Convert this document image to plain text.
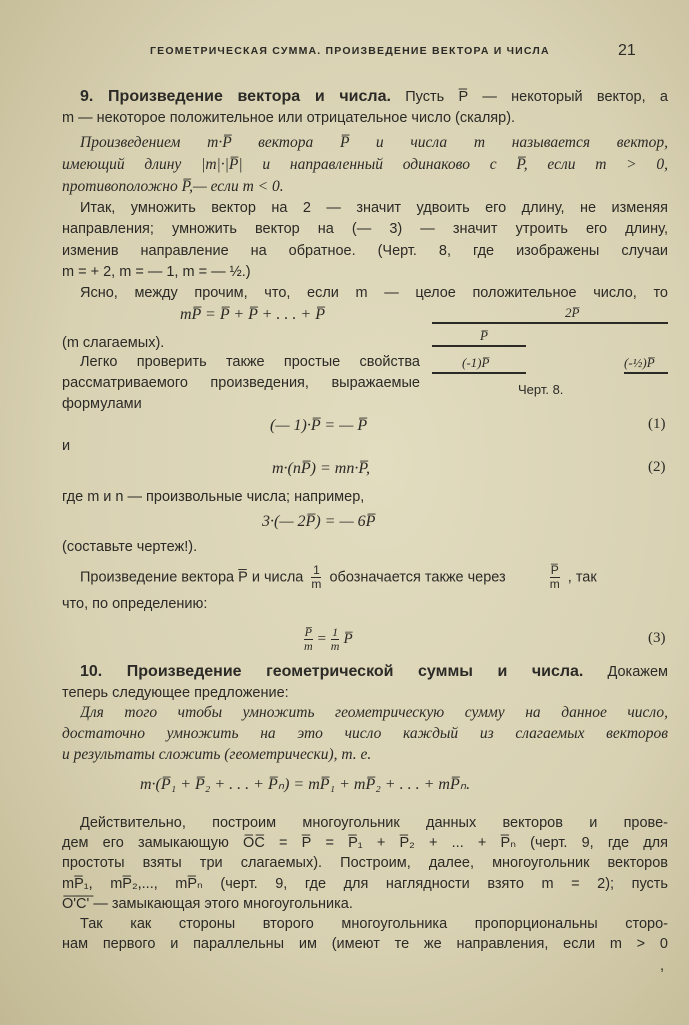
ГЕОМЕТРИЧЕСКАЯ СУММА. ПРОИЗВЕДЕНИЕ ВЕКТОРА И ЧИСЛА	21
9. Произведение вектора и числа. Пусть P̅ — некоторый вектор, а
m — некоторое положительное или отрицательное число (скаляр).
Произведением m·P̅ вектора P̅ и числа m называется вектор,
имеющий длину |m|·|P̅| и направленный одинаково с P̅, если m > 0,
противоположно P̅,— если m < 0.
Итак, умножить вектор на 2 — значит удвоить его длину, не изменяя
направления; умножить вектор на (— 3) — значит утроить его длину,
изменив направление на обратное. (Черт. 8, где изображены случаи
m = + 2, m = — 1, m = — ½.)
Ясно, между прочим, что, если m — целое положительное число, то
mP̅ = P̅ + P̅ + . . . + P̅
(m слагаемых).
Легко проверить также простые свойства
рассматриваемого произведения, выражаемые
формулами
2P̅
P̅
(-1)P̅	(-½)P̅
Черт. 8.
(— 1)·P̅ = — P̅	(1)
и
m·(nP̅) = mn·P̅,	(2)
где m и n — произвольные числа; например,
3·(— 2P̅) = — 6P̅
(составьте чертеж!).
Произведение вектора P̅ и числа $\frac{1}{m}$ обозначается также через	$\frac{P̅}{m}$ , так
что, по определению:
$\frac{P̅}{m} = \frac{1}{m}$ P̅	(3)
10. Произведение геометрической суммы и числа. Докажем
теперь следующее предложение:
Для того чтобы умножить геометрическую сумму на данное число,
достаточно умножить на это число каждый из слагаемых векторов
и результаты сложить (геометрически), т. е.
m·(P̅₁ + P̅₂ + . . . + P̅ₙ) = mP̅₁ + mP̅₂ + . . . + mP̅ₙ.
Действительно, построим многоугольник данных векторов и прове-
дем его замыкающую O̅C̅ = P̅ = P̅₁ + P̅₂ + ... + P̅ₙ (черт. 9, где для
простоты взяты три слагаемых). Построим, далее, многоугольник векторов
mP̅₁, mP̅₂,..., mP̅ₙ (черт. 9, где для наглядности взято m = 2); пусть
O̅'̅C̅'̅ — замыкающая этого многоугольника.
Так как стороны второго многоугольника пропорциональны сторо-
нам первого и параллельны им (имеют те же направления, если m > 0
,
